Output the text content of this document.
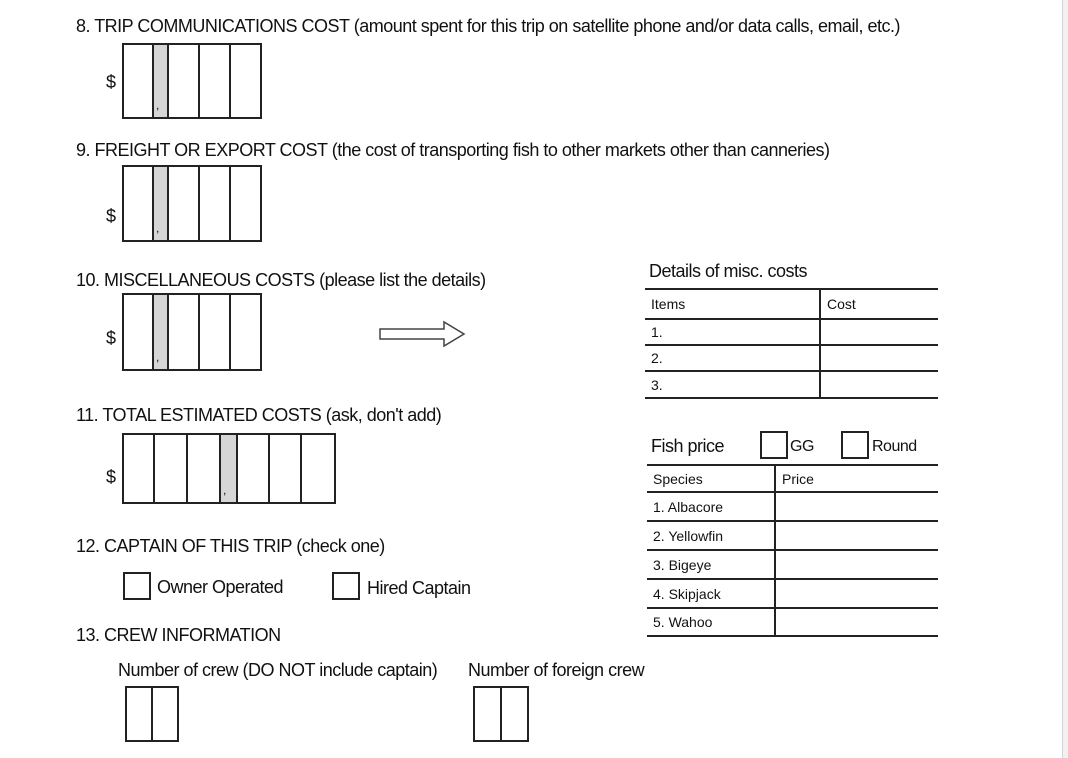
8. TRIP COMMUNICATIONS COST (amount spent for this trip on satellite phone and/or data calls, email, etc.)
$
,
9. FREIGHT OR EXPORT COST (the cost of transporting fish to other markets other than canneries)
$
,
10. MISCELLANEOUS COSTS (please list the details)
$
,
11. TOTAL ESTIMATED COSTS (ask, don't add)
$
,
12. CAPTAIN OF THIS TRIP (check one)
Owner Operated	Hired Captain
13. CREW INFORMATION
Number of crew (DO NOT include captain) Number of foreign crew
Details of misc. costs
Items	Cost
1.	
2.	
3.	
Fish price	GG	Round
Species	Price
1. Albacore	
2. Yellowfin	
3. Bigeye	
4. Skipjack	
5. Wahoo	
